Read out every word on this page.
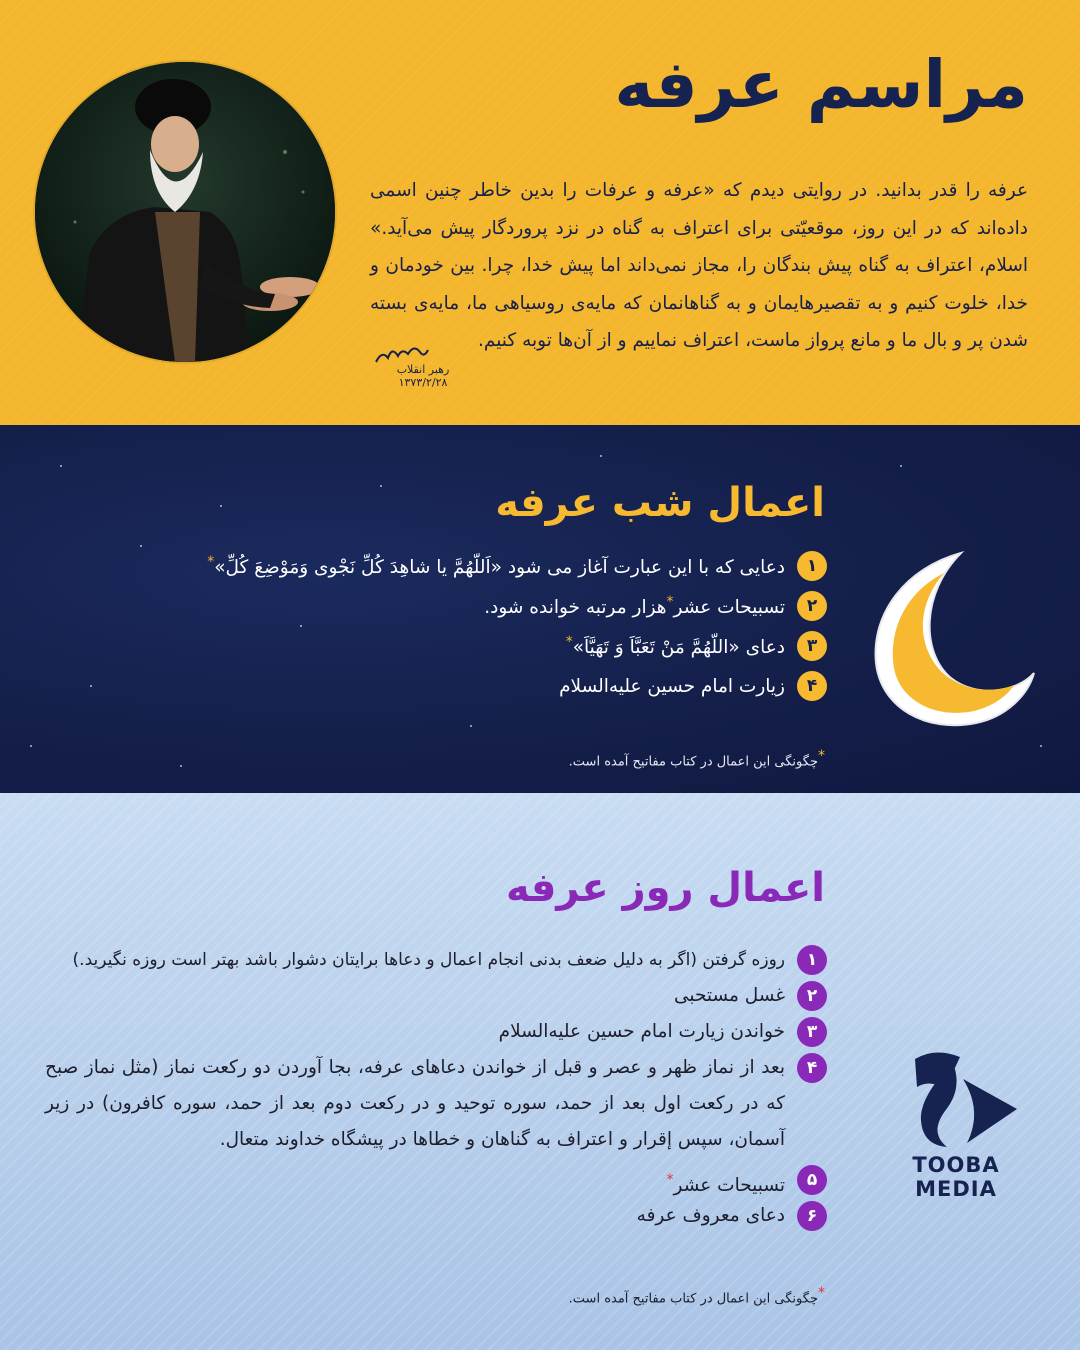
مراسم عرفه

عرفه را قدر بدانید. در روایتی دیدم که «عرفه و عرفات را بدین خاطر چنین اسمی داده‌اند که در این روز، موقعیّتی برای اعتراف به گناه در نزد پروردگار پیش می‌آید.» اسلام، اعتراف به گناه پیش بندگان را، مجاز نمی‌داند اما پیش خدا، چرا. بین خودمان و خدا، خلوت کنیم و به تقصیرهایمان و به گناهانمان که مایه‌ی روسیاهی ما، مایه‌ی بسته شدن پر و بال ما و مانع پرواز ماست، اعتراف نماییم و از آن‌ها توبه کنیم.

رهبر انقلاب
۱۳۷۳/۲/۲۸
اعمال شب عرفه
۱
دعایی که با این عبارت آغاز می شود «اَللّهُمَّ یا شاهِدَ کُلِّ نَجْوی وَمَوْضِعَ کُلِّ»*
۲
تسبیحات عشر*هزار مرتبه خوانده شود.
۳
دعای «اللّهُمَّ مَنْ تَعَبَّاَ وَ تَهَیَّاَ»*
۴
زیارت امام حسین علیه‌السلام
*چگونگی این اعمال در کتاب مفاتیح آمده است.
اعمال روز عرفه
۱
روزه گرفتن (اگر به دلیل ضعف بدنی انجام اعمال و دعاها برایتان دشوار باشد بهتر است روزه نگیرید.)
۲
غسل مستحبی
۳
خواندن زیارت امام حسین علیه‌السلام
۴
بعد از نماز ظهر و عصر و قبل از خواندن دعاهای عرفه، بجا آوردن دو رکعت نماز (مثل نماز صبح که در رکعت اول بعد از حمد، سوره توحید و در رکعت دوم بعد از حمد، سوره کافرون) در زیر آسمان، سپس إقرار و اعتراف به گناهان و خطاها در پیشگاه خداوند متعال.
۵
تسبیحات عشر*
۶
دعای معروف عرفه
*چگونگی این اعمال در کتاب مفاتیح آمده است.
TOOBA MEDIA
